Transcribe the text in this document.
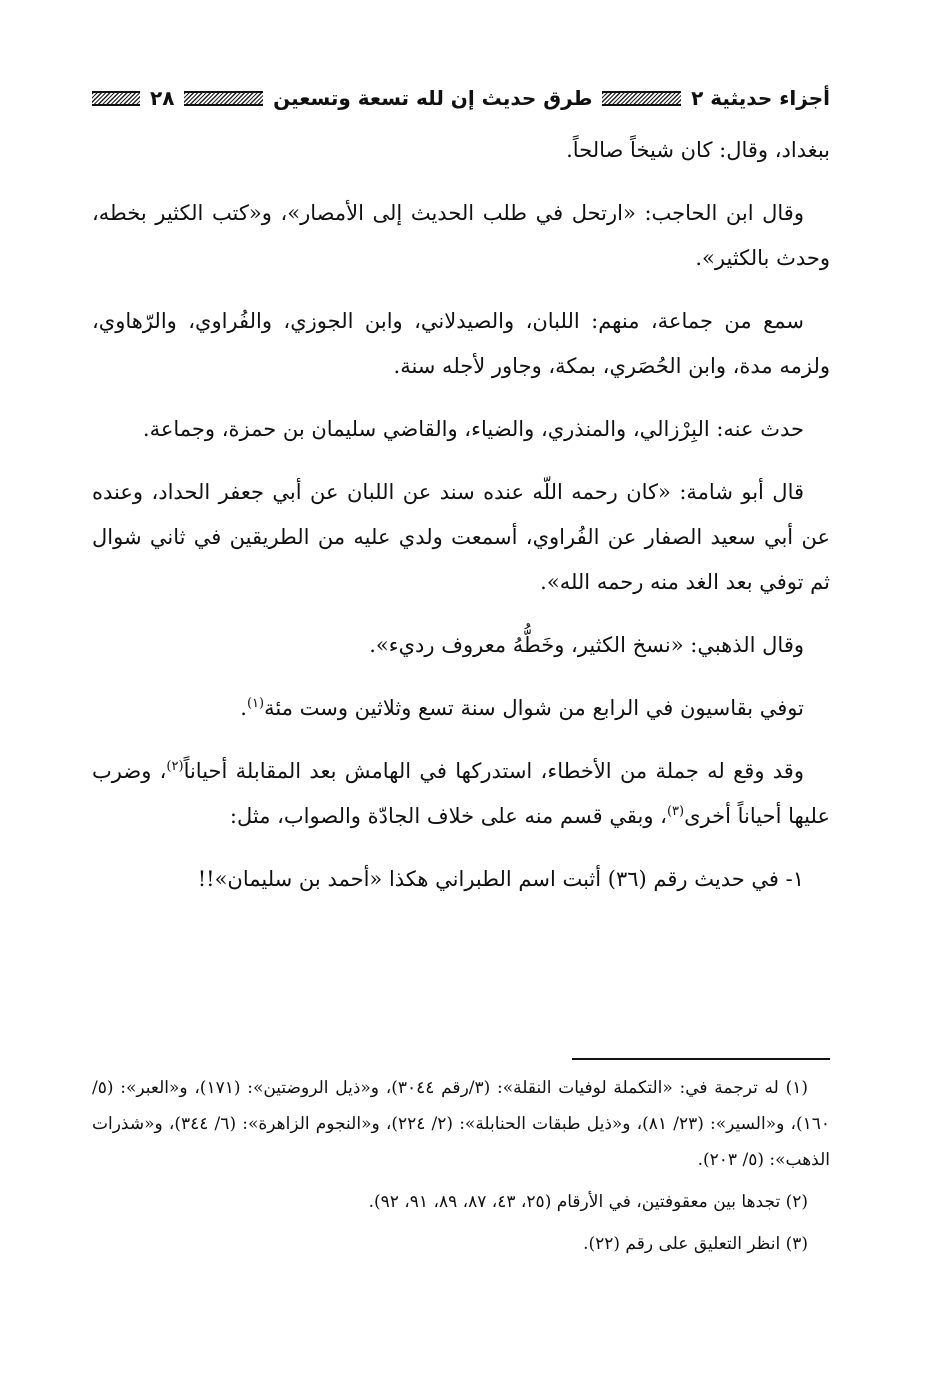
أجزاء حديثية ٢
طرق حديث إن لله تسعة وتسعين
٢٨

ببغداد، وقال: كان شيخاً صالحاً.

وقال ابن الحاجب: «ارتحل في طلب الحديث إلى الأمصار»، و«كتب الكثير بخطه، وحدث بالكثير».

سمع من جماعة، منهم: اللبان، والصيدلاني، وابن الجوزي، والفُراوي، والرّهاوي، ولزمه مدة، وابن الحُصَري، بمكة، وجاور لأجله سنة.

حدث عنه: البِرْزالي، والمنذري، والضياء، والقاضي سليمان بن حمزة، وجماعة.

قال أبو شامة: «كان رحمه اللّه عنده سند عن اللبان عن أبي جعفر الحداد، وعنده عن أبي سعيد الصفار عن الفُراوي، أسمعت ولدي عليه من الطريقين في ثاني شوال ثم توفي بعد الغد منه رحمه الله».

وقال الذهبي: «نسخ الكثير، وخَطُّهُ معروف رديء».

توفي بقاسيون في الرابع من شوال سنة تسع وثلاثين وست مئة$^{(١)}$.

وقد وقع له جملة من الأخطاء، استدركها في الهامش بعد المقابلة أحياناً$^{(٢)}$، وضرب عليها أحياناً أخرى$^{(٣)}$، وبقي قسم منه على خلاف الجادّة والصواب، مثل:

١- في حديث رقم (٣٦) أثبت اسم الطبراني هكذا «أحمد بن سليمان»!!

(١) له ترجمة في: «التكملة لوفيات النقلة»: (٣/رقم ٣٠٤٤)، و«ذيل الروضتين»: (١٧١)، و«العبر»: (٥/ ١٦٠)، و«السير»: (٢٣/ ٨١)، و«ذيل طبقات الحنابلة»: (٢/ ٢٢٤)، و«النجوم الزاهرة»: (٦/ ٣٤٤)، و«شذرات الذهب»: (٥/ ٢٠٣).

(٢) تجدها بين معقوفتين، في الأرقام (٢٥، ٤٣، ٨٧، ٨٩، ٩١، ٩٢).

(٣) انظر التعليق على رقم (٢٢).
